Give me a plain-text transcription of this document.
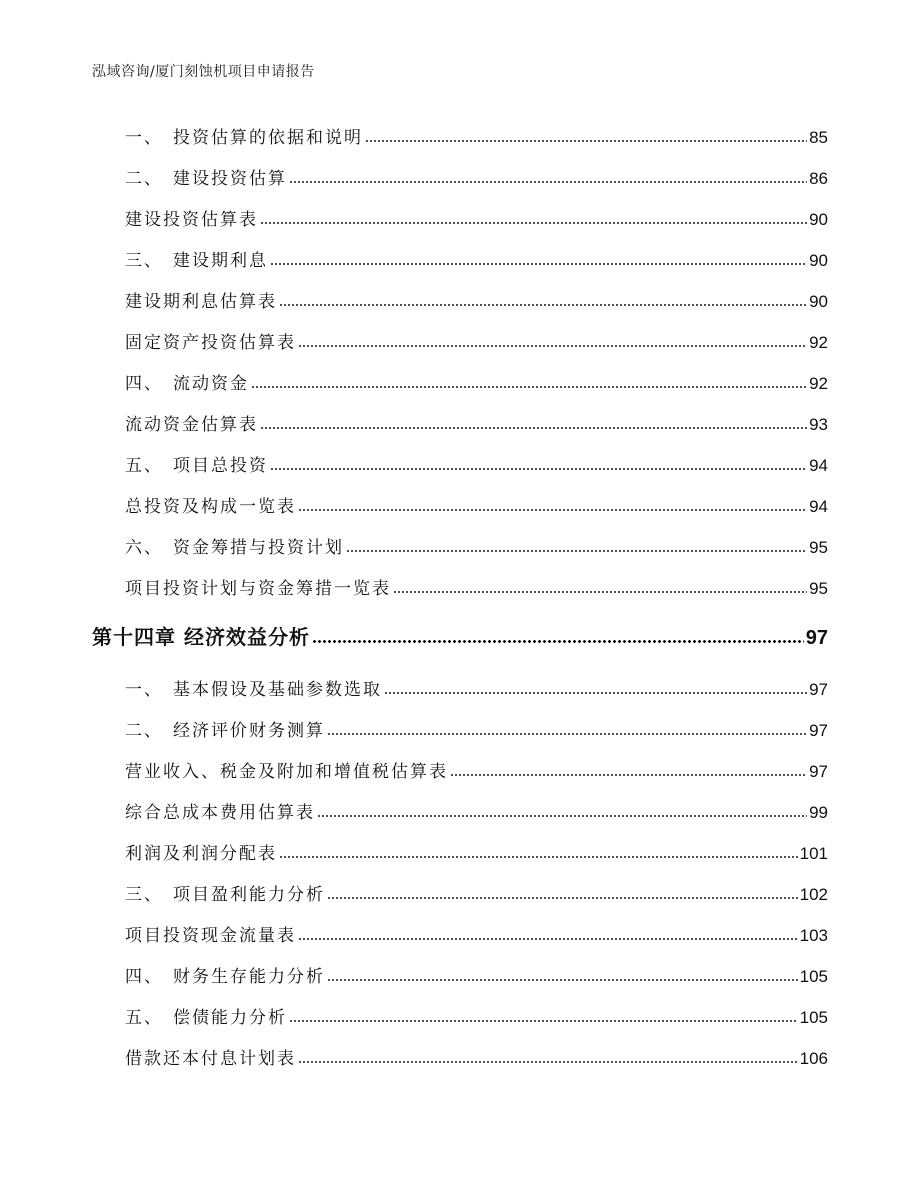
泓域咨询/厦门刻蚀机项目申请报告
一、 投资估算的依据和说明	85
二、 建设投资估算	86
建设投资估算表	90
三、 建设期利息	90
建设期利息估算表	90
固定资产投资估算表	92
四、 流动资金	92
流动资金估算表	93
五、 项目总投资	94
总投资及构成一览表	94
六、 资金筹措与投资计划	95
项目投资计划与资金筹措一览表	95
第十四章 经济效益分析	97
一、 基本假设及基础参数选取	97
二、 经济评价财务测算	97
营业收入、税金及附加和增值税估算表	97
综合总成本费用估算表	99
利润及利润分配表	101
三、 项目盈利能力分析	102
项目投资现金流量表	103
四、 财务生存能力分析	105
五、 偿债能力分析	105
借款还本付息计划表	106
